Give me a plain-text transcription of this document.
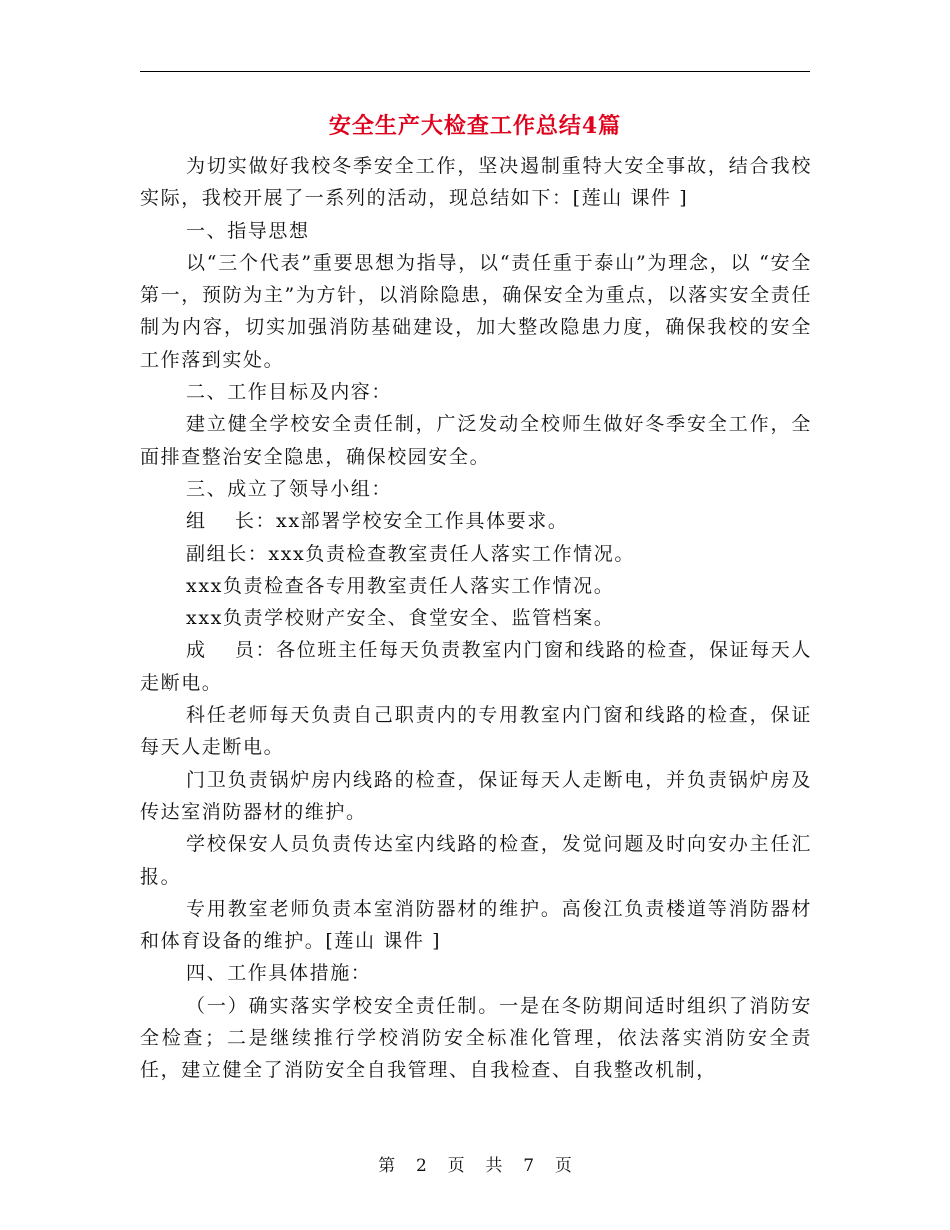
安全生产大检查工作总结4篇

为切实做好我校冬季安全工作，坚决遏制重特大安全事故，结合我校实际，我校开展了一系列的活动，现总结如下：[莲山 课件 ]

一、指导思想

以“三个代表”重要思想为指导，以“责任重于泰山”为理念，以 “安全第一，预防为主”为方针，以消除隐患，确保安全为重点，以落实安全责任制为内容，切实加强消防基础建设，加大整改隐患力度，确保我校的安全工作落到实处。

二、工作目标及内容：

建立健全学校安全责任制，广泛发动全校师生做好冬季安全工作，全面排查整治安全隐患，确保校园安全。

三、成立了领导小组：

组　 长：xx部署学校安全工作具体要求。

副组长：xxx负责检查教室责任人落实工作情况。

xxx负责检查各专用教室责任人落实工作情况。

xxx负责学校财产安全、食堂安全、监管档案。

成　 员：各位班主任每天负责教室内门窗和线路的检查，保证每天人走断电。

科任老师每天负责自己职责内的专用教室内门窗和线路的检查，保证每天人走断电。

门卫负责锅炉房内线路的检查，保证每天人走断电，并负责锅炉房及传达室消防器材的维护。

学校保安人员负责传达室内线路的检查，发觉问题及时向安办主任汇报。

专用教室老师负责本室消防器材的维护。高俊江负责楼道等消防器材和体育设备的维护。[莲山 课件 ]

四、工作具体措施：

（一）确实落实学校安全责任制。一是在冬防期间适时组织了消防安全检查；二是继续推行学校消防安全标准化管理，依法落实消防安全责任，建立健全了消防安全自我管理、自我检查、自我整改机制，

第 2 页 共 7 页
